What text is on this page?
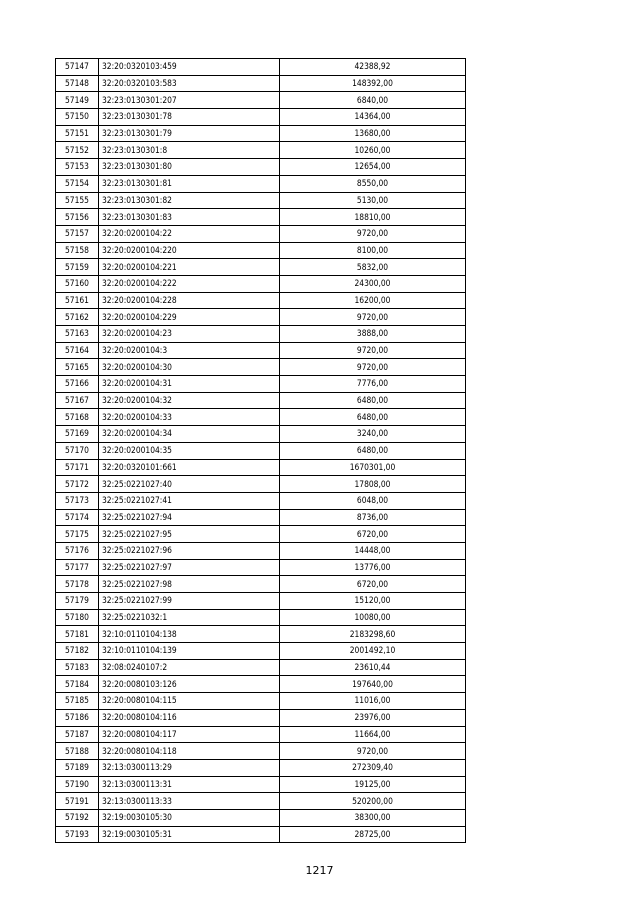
57147	32:20:0320103:459	42388,92
57148	32:20:0320103:583	148392,00
57149	32:23:0130301:207	6840,00
57150	32:23:0130301:78	14364,00
57151	32:23:0130301:79	13680,00
57152	32:23:0130301:8	10260,00
57153	32:23:0130301:80	12654,00
57154	32:23:0130301:81	8550,00
57155	32:23:0130301:82	5130,00
57156	32:23:0130301:83	18810,00
57157	32:20:0200104:22	9720,00
57158	32:20:0200104:220	8100,00
57159	32:20:0200104:221	5832,00
57160	32:20:0200104:222	24300,00
57161	32:20:0200104:228	16200,00
57162	32:20:0200104:229	9720,00
57163	32:20:0200104:23	3888,00
57164	32:20:0200104:3	9720,00
57165	32:20:0200104:30	9720,00
57166	32:20:0200104:31	7776,00
57167	32:20:0200104:32	6480,00
57168	32:20:0200104:33	6480,00
57169	32:20:0200104:34	3240,00
57170	32:20:0200104:35	6480,00
57171	32:20:0320101:661	1670301,00
57172	32:25:0221027:40	17808,00
57173	32:25:0221027:41	6048,00
57174	32:25:0221027:94	8736,00
57175	32:25:0221027:95	6720,00
57176	32:25:0221027:96	14448,00
57177	32:25:0221027:97	13776,00
57178	32:25:0221027:98	6720,00
57179	32:25:0221027:99	15120,00
57180	32:25:0221032:1	10080,00
57181	32:10:0110104:138	2183298,60
57182	32:10:0110104:139	2001492,10
57183	32:08:0240107:2	23610,44
57184	32:20:0080103:126	197640,00
57185	32:20:0080104:115	11016,00
57186	32:20:0080104:116	23976,00
57187	32:20:0080104:117	11664,00
57188	32:20:0080104:118	9720,00
57189	32:13:0300113:29	272309,40
57190	32:13:0300113:31	19125,00
57191	32:13:0300113:33	520200,00
57192	32:19:0030105:30	38300,00
57193	32:19:0030105:31	28725,00
1217
